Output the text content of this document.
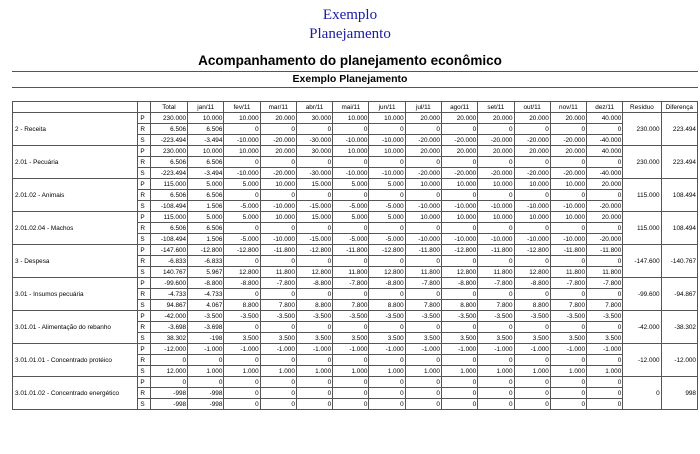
Exemplo
Planejamento
Acompanhamento do planejamento econômico
Exemplo Planejamento
		Total	jan/11	fev/11	mar/11	abr/11	mai/11	jun/11	jul/11	ago/11	set/11	out/11	nov/11	dez/11	Resíduo	Diferença
2 - Receita	P	230.000	10.000	10.000	20.000	30.000	10.000	10.000	20.000	20.000	20.000	20.000	20.000	40.000	230.000	223.494
	R	6.506	6.506	0	0	0	0	0	0	0	0	0	0	0		
	S	-223.494	-3.494	-10.000	-20.000	-30.000	-10.000	-10.000	-20.000	-20.000	-20.000	-20.000	-20.000	-40.000		
2.01 - Pecuária	P	230.000	10.000	10.000	20.000	30.000	10.000	10.000	20.000	20.000	20.000	20.000	20.000	40.000	230.000	223.494
	R	6.506	6.506	0	0	0	0	0	0	0	0	0	0	0		
	S	-223.494	-3.494	-10.000	-20.000	-30.000	-10.000	-10.000	-20.000	-20.000	-20.000	-20.000	-20.000	-40.000		
2.01.02 - Animais	P	115.000	5.000	5.000	10.000	15.000	5.000	5.000	10.000	10.000	10.000	10.000	10.000	20.000	115.000	108.494
	R	6.506	6.506	0	0	0	0	0	0	0	0	0	0	0		
	S	-108.494	1.506	-5.000	-10.000	-15.000	-5.000	-5.000	-10.000	-10.000	-10.000	-10.000	-10.000	-20.000		
2.01.02.04 - Machos	P	115.000	5.000	5.000	10.000	15.000	5.000	5.000	10.000	10.000	10.000	10.000	10.000	20.000	115.000	108.494
	R	6.506	6.506	0	0	0	0	0	0	0	0	0	0	0		
	S	-108.494	1.506	-5.000	-10.000	-15.000	-5.000	-5.000	-10.000	-10.000	-10.000	-10.000	-10.000	-20.000		
3 - Despesa	P	-147.600	-12.800	-12.800	-11.800	-12.800	-11.800	-12.800	-11.800	-12.800	-11.800	-12.800	-11.800	-11.800	-147.600	-140.767
	R	-6.833	-6.833	0	0	0	0	0	0	0	0	0	0	0		
	S	140.767	5.967	12.800	11.800	12.800	11.800	12.800	11.800	12.800	11.800	12.800	11.800	11.800		
3.01 - Insumos pecuária	P	-99.600	-8.800	-8.800	-7.800	-8.800	-7.800	-8.800	-7.800	-8.800	-7.800	-8.800	-7.800	-7.800	-99.600	-94.867
	R	-4.733	-4.733	0	0	0	0	0	0	0	0	0	0	0		
	S	94.867	4.067	8.800	7.800	8.800	7.800	8.800	7.800	8.800	7.800	8.800	7.800	7.800		
3.01.01 - Alimentação do rebanho	P	-42.000	-3.500	-3.500	-3.500	-3.500	-3.500	-3.500	-3.500	-3.500	-3.500	-3.500	-3.500	-3.500	-42.000	-38.302
	R	-3.698	-3.698	0	0	0	0	0	0	0	0	0	0	0		
	S	38.302	-198	3.500	3.500	3.500	3.500	3.500	3.500	3.500	3.500	3.500	3.500	3.500		
3.01.01.01 - Concentrado protéico	P	-12.000	-1.000	-1.000	-1.000	-1.000	-1.000	-1.000	-1.000	-1.000	-1.000	-1.000	-1.000	-1.000	-12.000	-12.000
	R	0	0	0	0	0	0	0	0	0	0	0	0	0		
	S	12.000	1.000	1.000	1.000	1.000	1.000	1.000	1.000	1.000	1.000	1.000	1.000	1.000		
3.01.01.02 - Concentrado energético	P	0	0	0	0	0	0	0	0	0	0	0	0	0	0	998
	R	-998	-998	0	0	0	0	0	0	0	0	0	0	0		
	S	-998	-998	0	0	0	0	0	0	0	0	0	0	0		
